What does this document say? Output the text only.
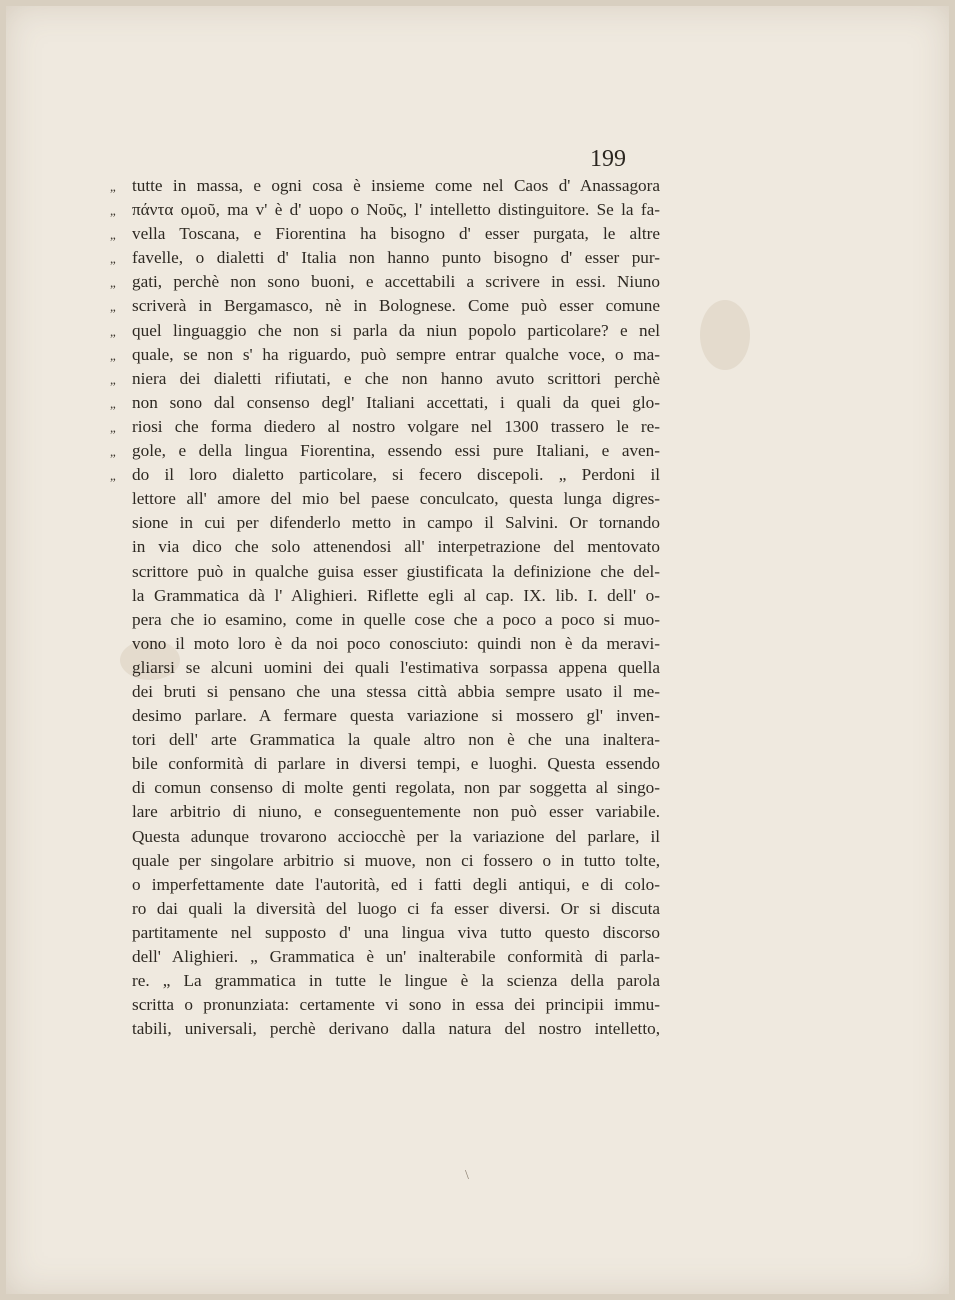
199
„ tutte in massa, e ogni cosa è insieme come nel Caos d' Anassagora
„ πάντα ομοῦ, ma v' è d' uopo ο Νοῦς, l' intelletto distinguitore. Se la fa-
„ vella Toscana, e Fiorentina ha bisogno d' esser purgata, le altre
„ favelle, o dialetti d' Italia non hanno punto bisogno d' esser pur-
„ gati, perchè non sono buoni, e accettabili a scrivere in essi. Niuno
„ scriverà in Bergamasco, nè in Bolognese. Come può esser comune
„ quel linguaggio che non si parla da niun popolo particolare? e nel
„ quale, se non s' ha riguardo, può sempre entrar qualche voce, o ma-
„ niera dei dialetti rifiutati, e che non hanno avuto scrittori perchè
„ non sono dal consenso degl' Italiani accettati, i quali da quei glo-
„ riosi che forma diedero al nostro volgare nel 1300 trassero le re-
„ gole, e della lingua Fiorentina, essendo essi pure Italiani, e aven-
„ do il loro dialetto particolare, si fecero discepoli. „ Perdoni il
lettore all' amore del mio bel paese conculcato, questa lunga digres-
sione in cui per difenderlo metto in campo il Salvini. Or tornando
in via dico che solo attenendosi all' interpetrazione del mentovato
scrittore può in qualche guisa esser giustificata la definizione che del-
la Grammatica dà l' Alighieri. Riflette egli al cap. IX. lib. I. dell' o-
pera che io esamino, come in quelle cose che a poco a poco si muo-
vono il moto loro è da noi poco conosciuto: quindi non è da meravi-
gliarsi se alcuni uomini dei quali l'estimativa sorpassa appena quella
dei bruti si pensano che una stessa città abbia sempre usato il me-
desimo parlare. A fermare questa variazione si mossero gl' inven-
tori dell' arte Grammatica la quale altro non è che una inaltera-
bile conformità di parlare in diversi tempi, e luoghi. Questa essendo
di comun consenso di molte genti regolata, non par soggetta al singo-
lare arbitrio di niuno, e conseguentemente non può esser variabile.
Questa adunque trovarono acciocchè per la variazione del parlare, il
quale per singolare arbitrio si muove, non ci fossero o in tutto tolte,
o imperfettamente date l'autorità, ed i fatti degli antiqui, e di colo-
ro dai quali la diversità del luogo ci fa esser diversi. Or si discuta
partitamente nel supposto d' una lingua viva tutto questo discorso
dell' Alighieri. „ Grammatica è un' inalterabile conformità di parla-
re. „ La grammatica in tutte le lingue è la scienza della parola
scritta o pronunziata: certamente vi sono in essa dei principii immu-
tabili, universali, perchè derivano dalla natura del nostro intelletto,
\
